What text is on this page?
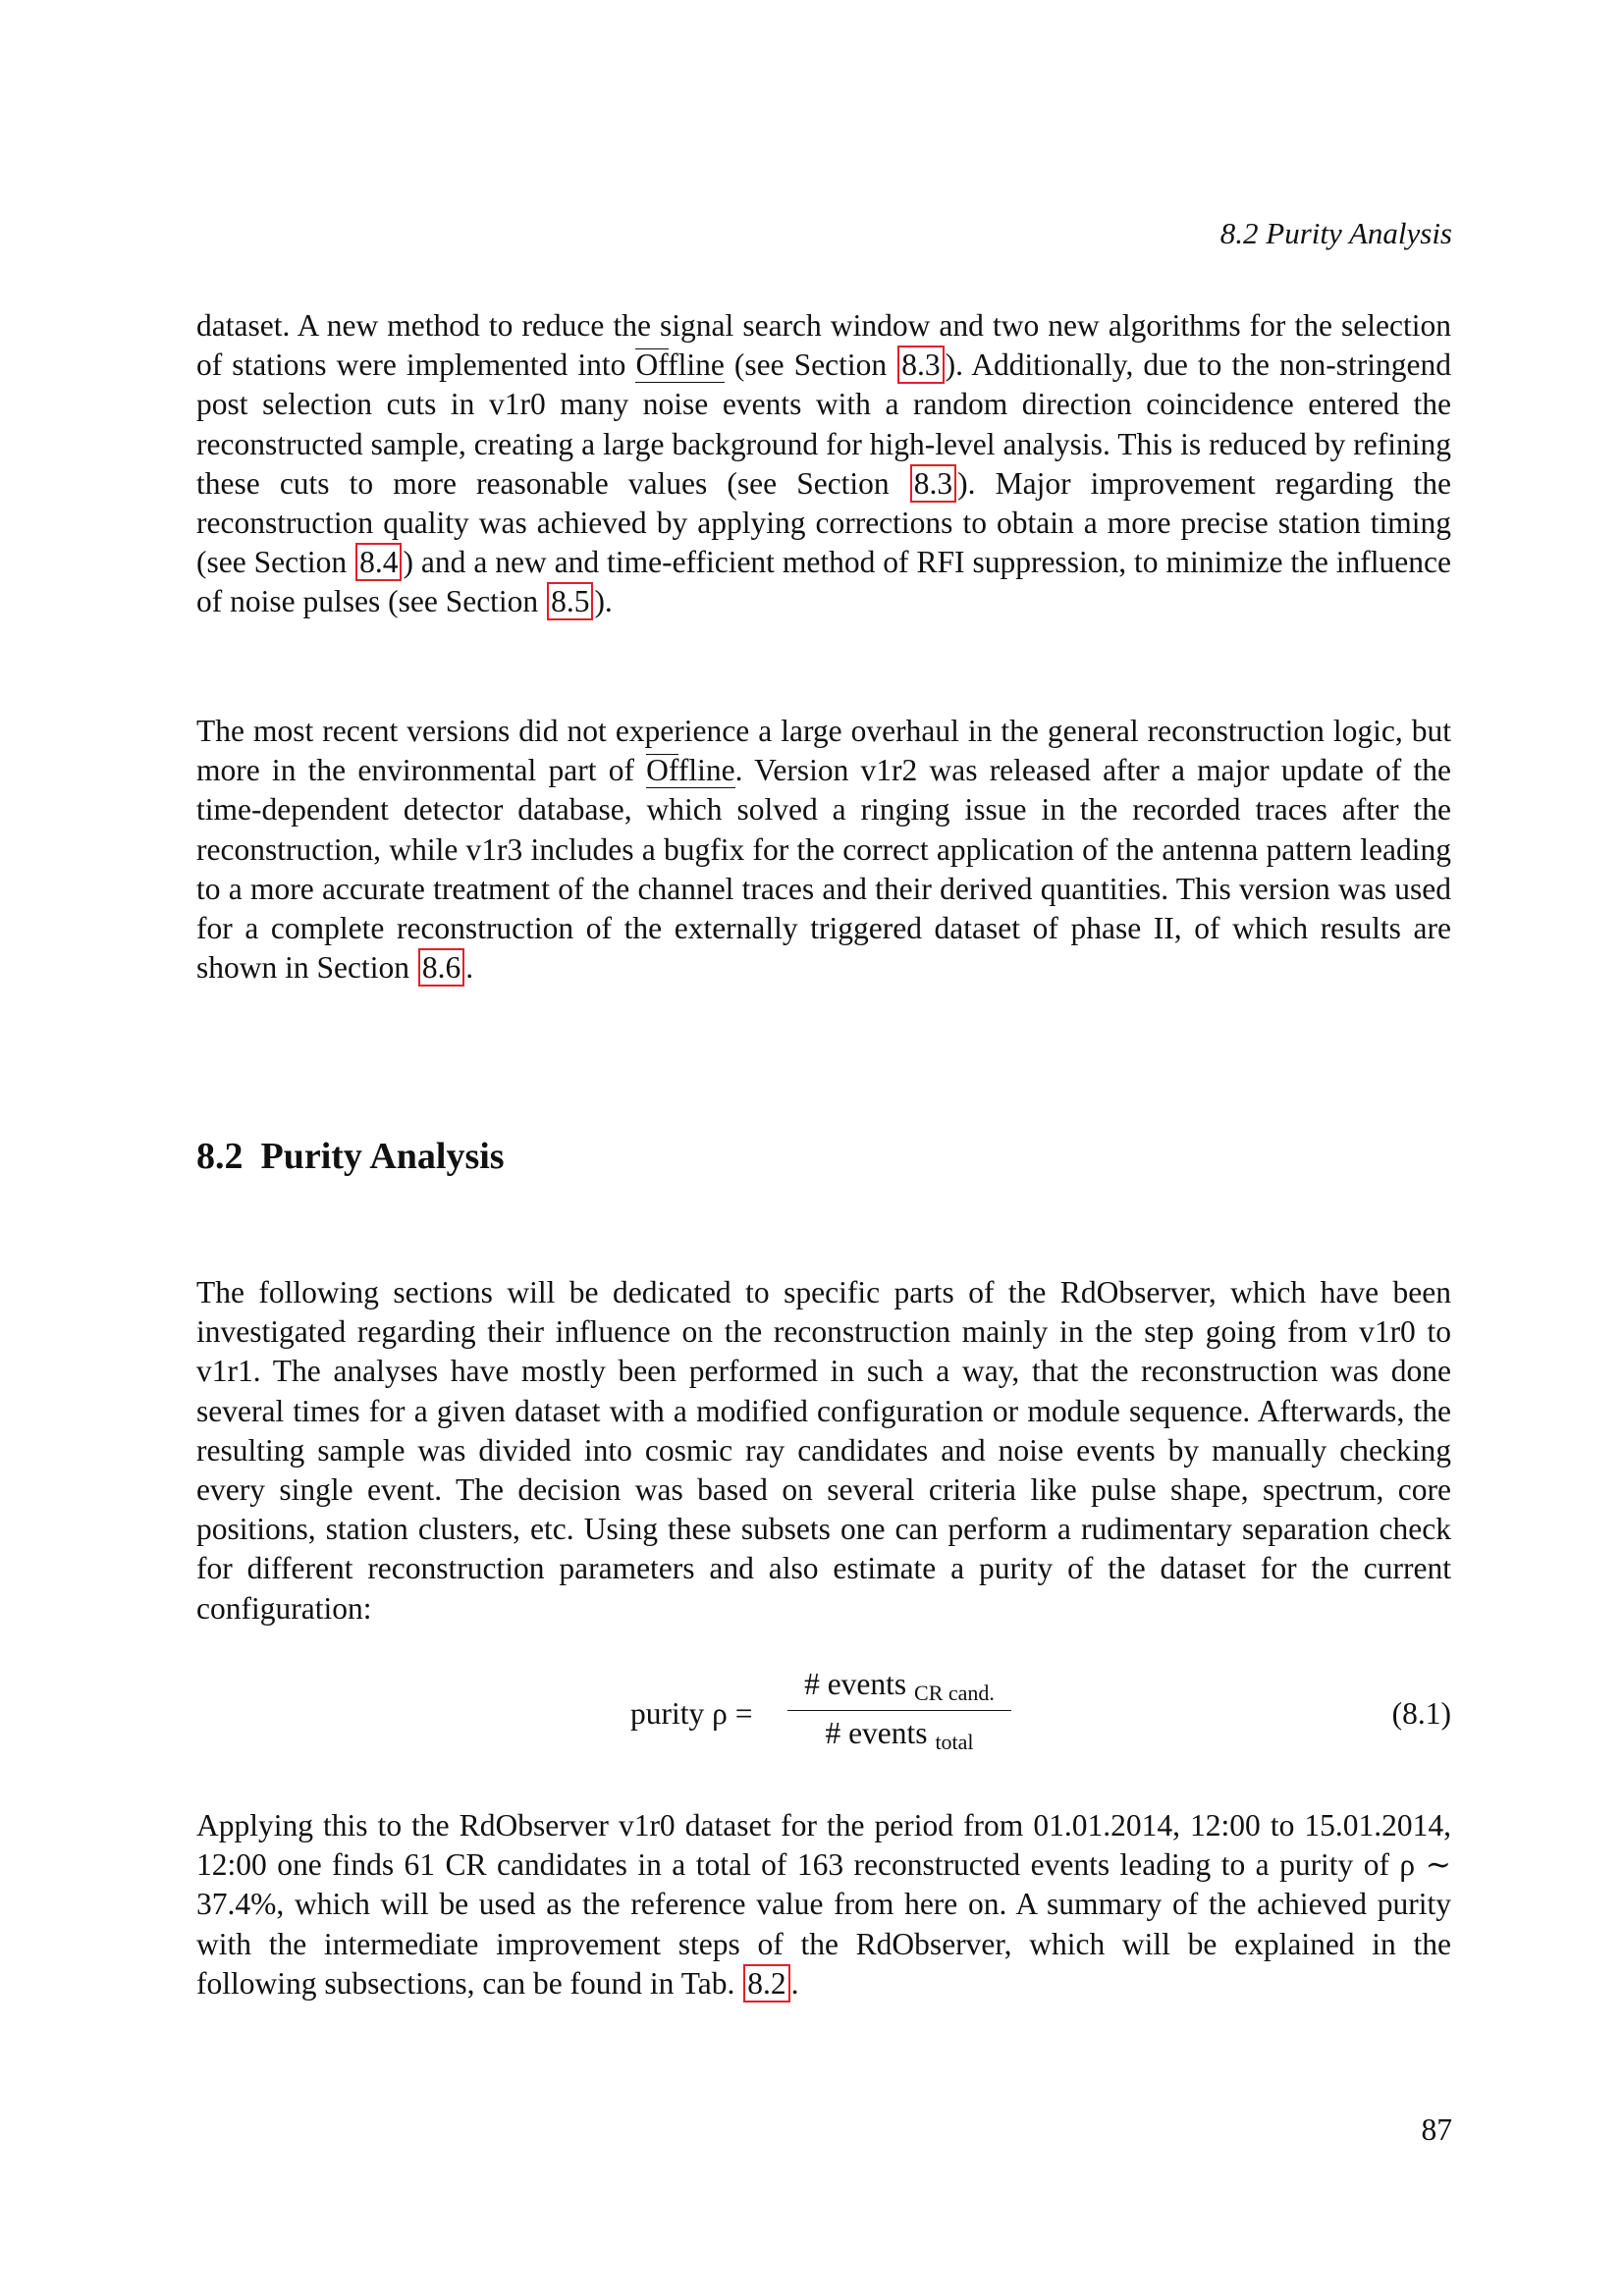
8.2 Purity Analysis

dataset. A new method to reduce the signal search window and two new algorithms for the selection of stations were implemented into Offline (see Section 8.3 ). Additionally, due to the non-stringend post selection cuts in v1r0 many noise events with a random direction coincidence entered the reconstructed sample, creating a large background for high-level analysis. This is reduced by refining these cuts to more reasonable values (see Section 8.3 ). Major improvement regarding the reconstruction quality was achieved by applying corrections to obtain a more precise station timing (see Section 8.4 ) and a new and time-efficient method of RFI suppression, to minimize the influence of noise pulses (see Section 8.5 ).

The most recent versions did not experience a large overhaul in the general reconstruction logic, but more in the environmental part of Offline. Version v1r2 was released after a major update of the time-dependent detector database, which solved a ringing issue in the recorded traces after the reconstruction, while v1r3 includes a bugfix for the correct application of the antenna pattern leading to a more accurate treatment of the channel traces and their derived quantities. This version was used for a complete reconstruction of the externally triggered dataset of phase II, of which results are shown in Section 8.6 .

8.2 Purity Analysis

The following sections will be dedicated to specific parts of the RdObserver, which have been investigated regarding their influence on the reconstruction mainly in the step going from v1r0 to v1r1. The analyses have mostly been performed in such a way, that the reconstruction was done several times for a given dataset with a modified configuration or module sequence. Afterwards, the resulting sample was divided into cosmic ray candidates and noise events by manually checking every single event. The decision was based on several criteria like pulse shape, spectrum, core positions, station clusters, etc. Using these subsets one can perform a rudimentary separation check for different reconstruction parameters and also estimate a purity of the dataset for the current configuration:

purity ρ =
# events $_{CR cand.}$
# events $_{total}$
(8.1)

Applying this to the RdObserver v1r0 dataset for the period from 01.01.2014, 12:00 to 15.01.2014, 12:00 one finds 61 CR candidates in a total of 163 reconstructed events leading to a purity of ρ ∼ 37.4%, which will be used as the reference value from here on. A summary of the achieved purity with the intermediate improvement steps of the RdObserver, which will be explained in the following subsections, can be found in Tab. 8.2 .

87
